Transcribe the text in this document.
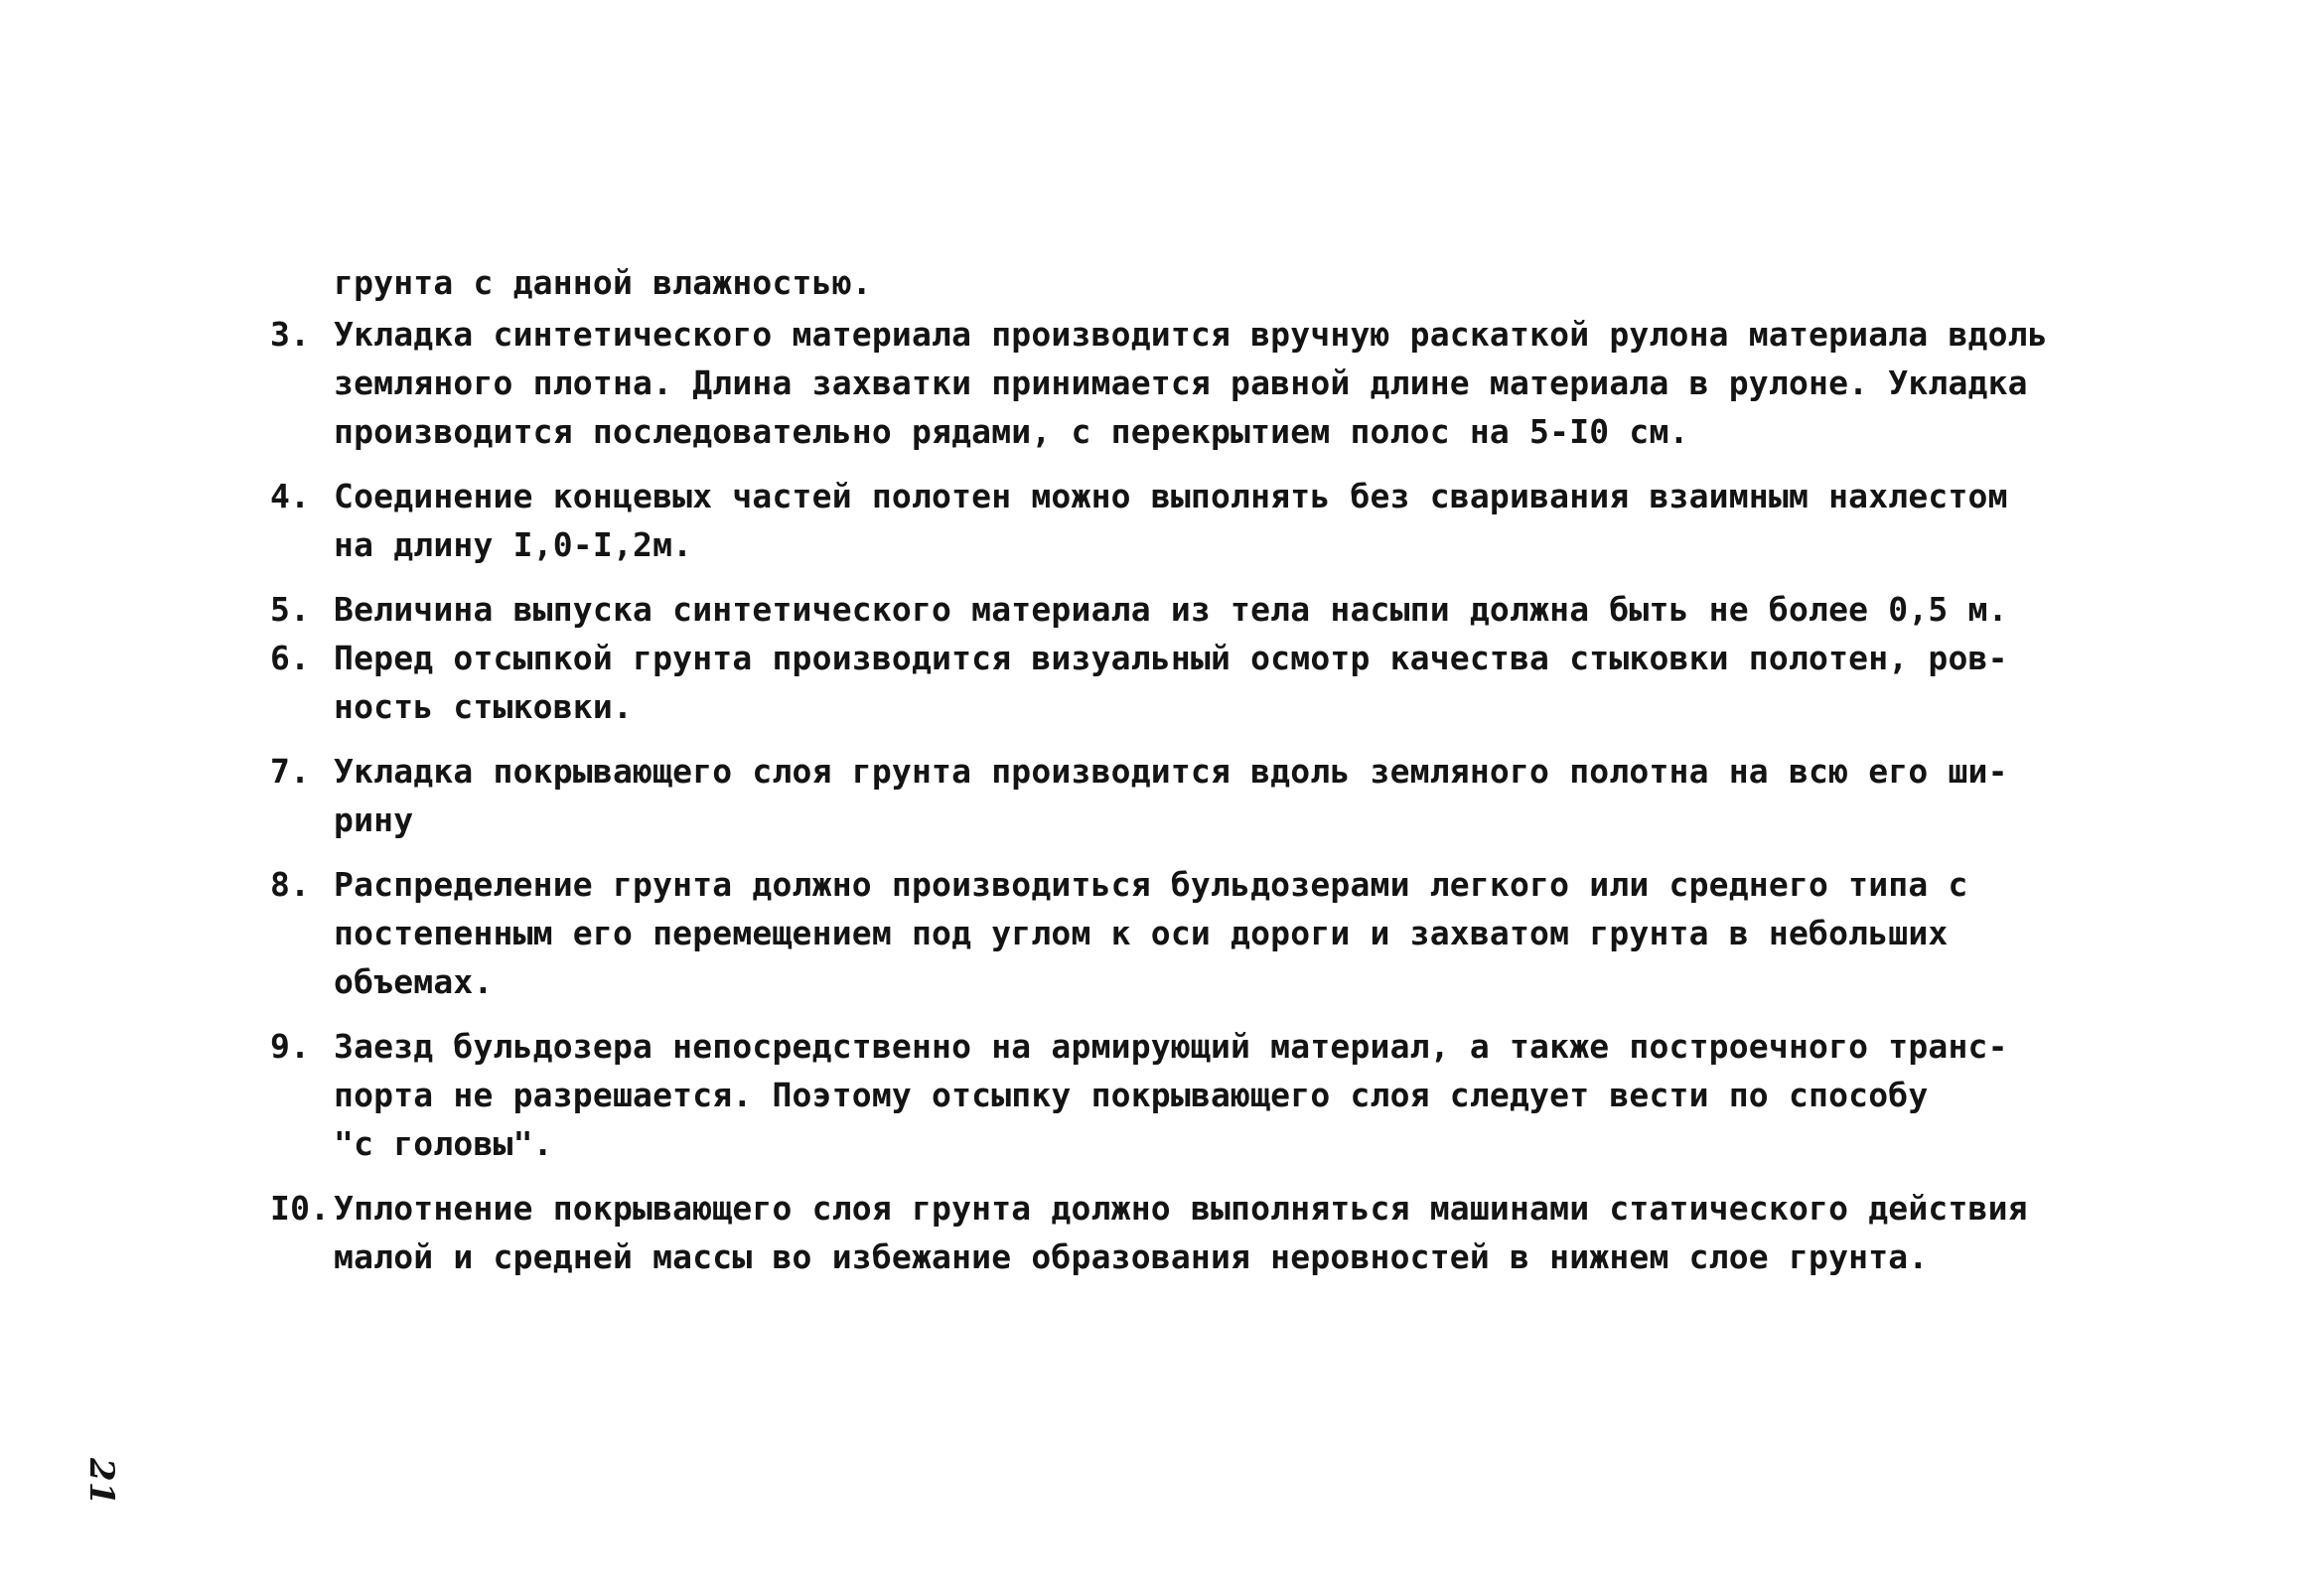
грунта с данной влажностью.
3. Укладка синтетического материала производится вручную раскаткой рулона материала вдоль
земляного плотна. Длина захватки принимается равной длине материала в рулоне. Укладка
производится последовательно рядами, с перекрытием полос на 5-I0 см.
4. Соединение концевых частей полотен можно выполнять без сваривания взаимным нахлестом
на длину I,0-I,2м.
5. Величина выпуска синтетического материала из тела насыпи должна быть не более 0,5 м.
6. Перед отсыпкой грунта производится визуальный осмотр качества стыковки полотен, ров-
ность стыковки.
7. Укладка покрывающего слоя грунта производится вдоль земляного полотна на всю его ши-
рину
8. Распределение грунта должно производиться бульдозерами легкого или среднего типа с
постепенным его перемещением под углом к оси дороги и захватом грунта в небольших
объемах.
9. Заезд бульдозера непосредственно на армирующий материал, а также построечного транс-
порта не разрешается. Поэтому отсыпку покрывающего слоя следует вести по способу
"с головы".
I0. Уплотнение покрывающего слоя грунта должно выполняться машинами статического действия
малой и средней массы во избежание образования неровностей в нижнем слое грунта.
21
